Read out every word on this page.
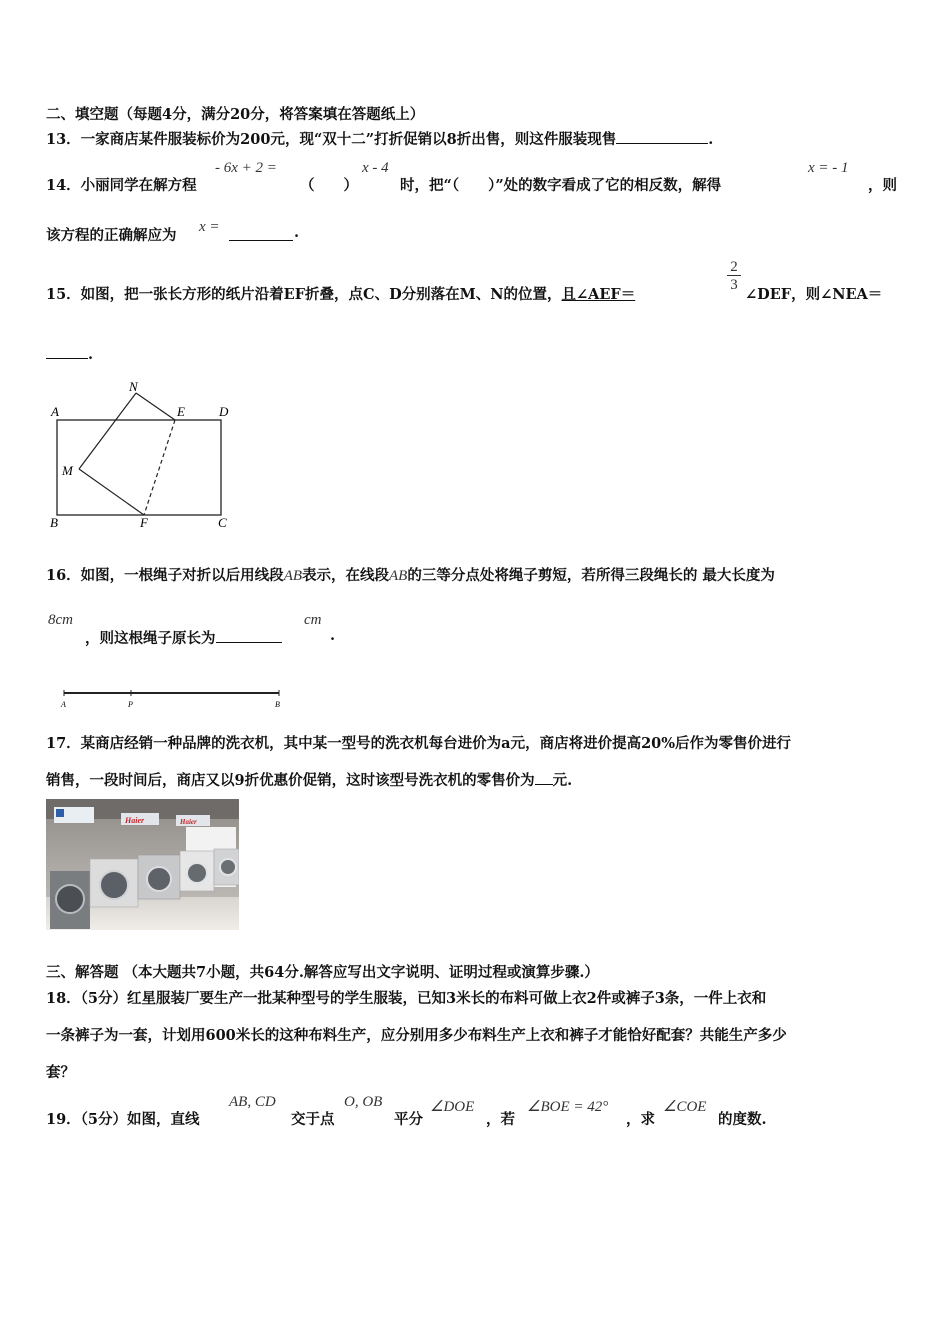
二、填空题（每题4分，满分20分，将答案填在答题纸上）
13．一家商店某件服装标价为200元，现“双十二”打折促销以8折出售，则这件服装现售	.
14．小丽同学在解方程
- 6x + 2 =
（　　）
x - 4
时，把“（　　）”处的数字看成了它的相反数，解得
x = - 1
，则
该方程的正确解应为 x =	.
15．如图，把一张长方形的纸片沿着EF折叠，点C、D分别落在M、N的位置，且∠AEF＝
$\frac{2}{3}$
∠DEF，则∠NEA＝
.
A	D
E
N
M
B	F	C
16．如图，一根绳子对折以后用线段AB表示，在线段AB的三等分点处将绳子剪短，若所得三段绳长的 最大长度为
8cm
，则这根绳子原长为
cm
.
A	P	B
17．某商店经销一种品牌的洗衣机，其中某一型号的洗衣机每台进价为a元，商店将进价提高20%后作为零售价进行
销售，一段时间后，商店又以9折优惠价促销，这时该型号洗衣机的零售价为 元.
Haier	Haier
三、解答题 （本大题共7小题，共64分.解答应写出文字说明、证明过程或演算步骤.）
18．（5分）红星服装厂要生产一批某种型号的学生服装，已知3米长的布料可做上衣2件或裤子3条，一件上衣和
一条裤子为一套，计划用600米长的这种布料生产，应分别用多少布料生产上衣和裤子才能恰好配套？共能生产多少
套？
19．（5分）如图，直线
AB, CD
交于点
O, OB
平分
∠DOE
，若
∠BOE = 42°
，求
∠COE
的度数.
